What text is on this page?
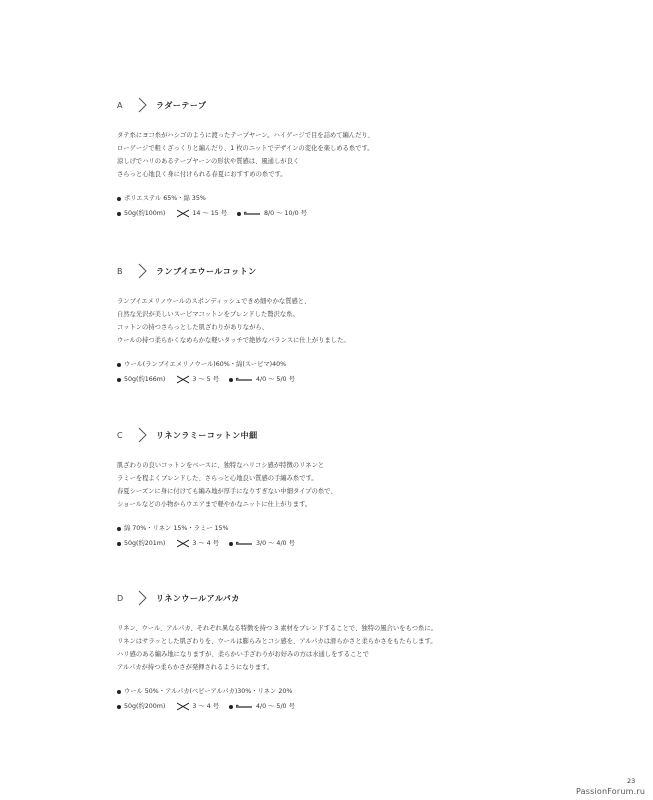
A	ラダーテープ
タテ糸にヨコ糸がハシゴのように渡ったテープヤーン。ハイゲージで目を詰めて編んだり、
ローゲージで粗くざっくりと編んだり、1 枚のニットでデザインの変化を楽しめる糸です。
涼しげでハリのあるテープヤーンの形状や質感は、風通しが良く
さらっと心地良く身に付けられる春夏におすすめの糸です。
ポリエステル 65%・綿 35%
50g(約100m)	14 〜 15 号	8/0 〜 10/0 号
B	ランブイエウールコットン
ランブイエメリノウールのスポンディッシュできめ細やかな質感と、
自然な光沢が美しいスーピマコットンをブレンドした贅沢な糸。
コットンの持つさらっとした肌ざわりがありながら、
ウールの持つ柔らかくなめらかな軽いタッチで絶妙なバランスに仕上がりました。
ウール(ランブイエメリノウール)60%・綿(スーピマ)40%
50g(約166m)	3 〜 5 号	4/0 〜 5/0 号
C	リネンラミーコットン中細
肌ざわりの良いコットンをベースに、独特なハリコシ感が特徴のリネンと
ラミーを程よくブレンドした、さらっと心地良い質感の手編み糸です。
春夏シーズンに身に付けても編み地が厚手になりすぎない中細タイプの糸で、
ショールなどの小物からウエアまで軽やかなニットに仕上がります。
綿 70%・リネン 15%・ラミー 15%
50g(約201m)	3 〜 4 号	3/0 〜 4/0 号
D	リネンウールアルパカ
リネン、ウール、アルパカ、それぞれ異なる特徴を持つ 3 素材をブレンドすることで、独特の風合いをもつ糸に。
リネンはサラッとした肌ざわりを、ウールは膨らみとコシ感を、アルパカは滑らかさと柔らかさをもたらします。
ハリ感のある編み地になりますが、柔らかい手ざわりがお好みの方は水通しをすることで
アルパカが持つ柔らかさが発揮されるようになります。
ウール 50%・アルパカ(ベビーアルパカ)30%・リネン 20%
50g(約200m)	3 〜 4 号	4/0 〜 5/0 号
23
PassionForum.ru
